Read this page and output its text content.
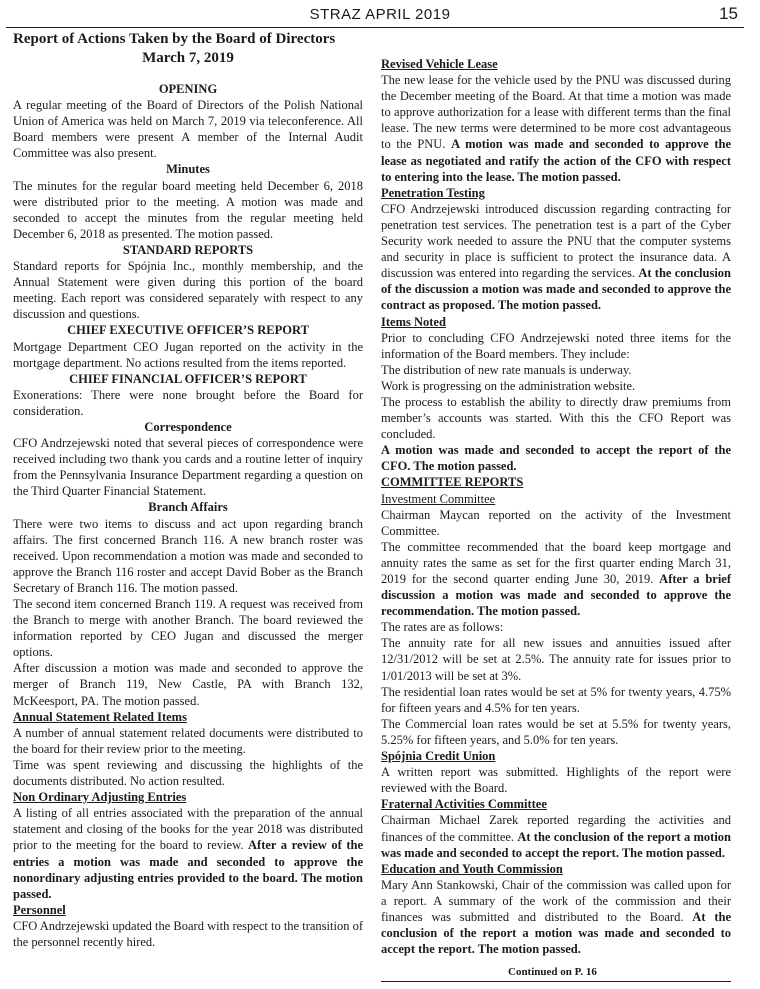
STRAZ APRIL 2019	15
Report of Actions Taken by the Board of Directors
March 7, 2019
OPENING

A regular meeting of the Board of Directors of the Polish National Union of America was held on March 7, 2019 via teleconference. All Board members were present A member of the Internal Audit Committee was also present.

Minutes

The minutes for the regular board meeting held December 6, 2018 were distributed prior to the meeting. A motion was made and seconded to accept the minutes from the regular meeting held December 6, 2018 as presented. The motion passed.

STANDARD REPORTS

Standard reports for Spójnia Inc., monthly membership, and the Annual Statement were given during this portion of the board meeting. Each report was considered separately with respect to any discussion and questions.

CHIEF EXECUTIVE OFFICER’S REPORT

Mortgage Department CEO Jugan reported on the activity in the mortgage department. No actions resulted from the items reported.

CHIEF FINANCIAL OFFICER’S REPORT

Exonerations: There were none brought before the Board for consideration.

Correspondence

CFO Andrzejewski noted that several pieces of correspondence were received including two thank you cards and a routine letter of inquiry from the Pennsylvania Insurance Department regarding a question on the Third Quarter Financial Statement.

Branch Affairs

There were two items to discuss and act upon regarding branch affairs. The first concerned Branch 116. A new branch roster was received. Upon recommendation a motion was made and seconded to approve the Branch 116 roster and accept David Bober as the Branch Secretary of Branch 116. The motion passed.

The second item concerned Branch 119. A request was received from the Branch to merge with another Branch. The board reviewed the information reported by CEO Jugan and discussed the merger options.

After discussion a motion was made and seconded to approve the merger of Branch 119, New Castle, PA with Branch 132, McKeesport, PA. The motion passed.

Annual Statement Related Items

A number of annual statement related documents were distributed to the board for their review prior to the meeting.

Time was spent reviewing and discussing the highlights of the documents distributed. No action resulted.

Non Ordinary Adjusting Entries

A listing of all entries associated with the preparation of the annual statement and closing of the books for the year 2018 was distributed prior to the meeting for the board to review. After a review of the entries a motion was made and seconded to approve the nonordinary adjusting entries provided to the board. The motion passed.

Personnel

CFO Andrzejewski updated the Board with respect to the transition of the personnel recently hired.

Revised Vehicle Lease

The new lease for the vehicle used by the PNU was discussed during the December meeting of the Board. At that time a motion was made to approve authorization for a lease with different terms than the final lease. The new terms were determined to be more cost advantageous to the PNU. A motion was made and seconded to approve the lease as negotiated and ratify the action of the CFO with respect to entering into the lease. The motion passed.

Penetration Testing

CFO Andrzejewski introduced discussion regarding contracting for penetration test services. The penetration test is a part of the Cyber Security work needed to assure the PNU that the computer systems and security in place is sufficient to protect the insurance data. A discussion was entered into regarding the services. At the conclusion of the discussion a motion was made and seconded to approve the contract as proposed. The motion passed.

Items Noted

Prior to concluding CFO Andrzejewski noted three items for the information of the Board members. They include:

The distribution of new rate manuals is underway.

Work is progressing on the administration website.

The process to establish the ability to directly draw premiums from member’s accounts was started. With this the CFO Report was concluded.

A motion was made and seconded to accept the report of the CFO. The motion passed.

COMMITTEE REPORTS
Investment Committee

Chairman Maycan reported on the activity of the Investment Committee.

The committee recommended that the board keep mortgage and annuity rates the same as set for the first quarter ending March 31, 2019 for the second quarter ending June 30, 2019. After a brief discussion a motion was made and seconded to approve the recommendation. The motion passed.

The rates are as follows:

The annuity rate for all new issues and annuities issued after 12/31/2012 will be set at 2.5%. The annuity rate for issues prior to 1/01/2013 will be set at 3%.

The residential loan rates would be set at 5% for twenty years, 4.75% for fifteen years and 4.5% for ten years.

The Commercial loan rates would be set at 5.5% for twenty years, 5.25% for fifteen years, and 5.0% for ten years.

Spójnia Credit Union

A written report was submitted. Highlights of the report were reviewed with the Board.

Fraternal Activities Committee

Chairman Michael Zarek reported regarding the activities and finances of the committee. At the conclusion of the report a motion was made and seconded to accept the report. The motion passed.

Education and Youth Commission

Mary Ann Stankowski, Chair of the commission was called upon for a report. A summary of the work of the commission and their finances was submitted and distributed to the Board. At the conclusion of the report a motion was made and seconded to accept the report. The motion passed.

Continued on P. 16
